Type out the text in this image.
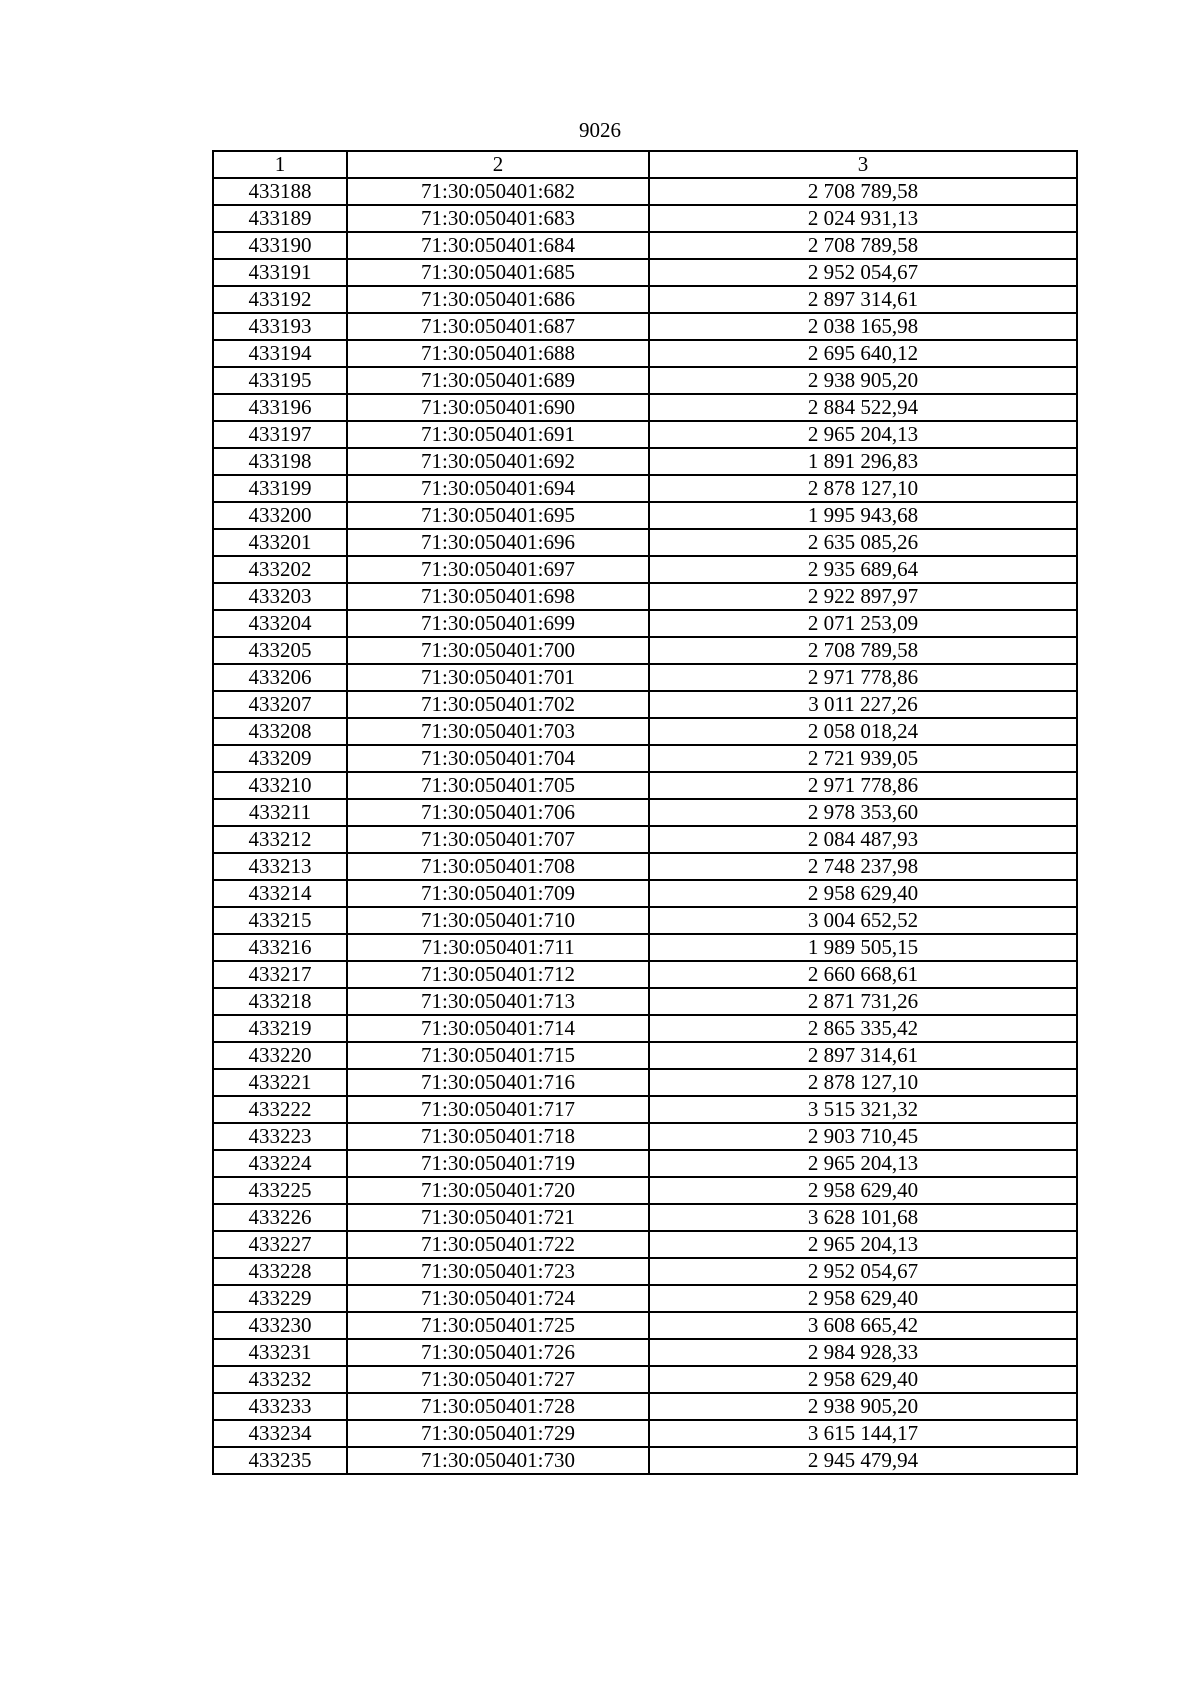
9026
1	2	3
433188	71:30:050401:682	2 708 789,58
433189	71:30:050401:683	2 024 931,13
433190	71:30:050401:684	2 708 789,58
433191	71:30:050401:685	2 952 054,67
433192	71:30:050401:686	2 897 314,61
433193	71:30:050401:687	2 038 165,98
433194	71:30:050401:688	2 695 640,12
433195	71:30:050401:689	2 938 905,20
433196	71:30:050401:690	2 884 522,94
433197	71:30:050401:691	2 965 204,13
433198	71:30:050401:692	1 891 296,83
433199	71:30:050401:694	2 878 127,10
433200	71:30:050401:695	1 995 943,68
433201	71:30:050401:696	2 635 085,26
433202	71:30:050401:697	2 935 689,64
433203	71:30:050401:698	2 922 897,97
433204	71:30:050401:699	2 071 253,09
433205	71:30:050401:700	2 708 789,58
433206	71:30:050401:701	2 971 778,86
433207	71:30:050401:702	3 011 227,26
433208	71:30:050401:703	2 058 018,24
433209	71:30:050401:704	2 721 939,05
433210	71:30:050401:705	2 971 778,86
433211	71:30:050401:706	2 978 353,60
433212	71:30:050401:707	2 084 487,93
433213	71:30:050401:708	2 748 237,98
433214	71:30:050401:709	2 958 629,40
433215	71:30:050401:710	3 004 652,52
433216	71:30:050401:711	1 989 505,15
433217	71:30:050401:712	2 660 668,61
433218	71:30:050401:713	2 871 731,26
433219	71:30:050401:714	2 865 335,42
433220	71:30:050401:715	2 897 314,61
433221	71:30:050401:716	2 878 127,10
433222	71:30:050401:717	3 515 321,32
433223	71:30:050401:718	2 903 710,45
433224	71:30:050401:719	2 965 204,13
433225	71:30:050401:720	2 958 629,40
433226	71:30:050401:721	3 628 101,68
433227	71:30:050401:722	2 965 204,13
433228	71:30:050401:723	2 952 054,67
433229	71:30:050401:724	2 958 629,40
433230	71:30:050401:725	3 608 665,42
433231	71:30:050401:726	2 984 928,33
433232	71:30:050401:727	2 958 629,40
433233	71:30:050401:728	2 938 905,20
433234	71:30:050401:729	3 615 144,17
433235	71:30:050401:730	2 945 479,94
